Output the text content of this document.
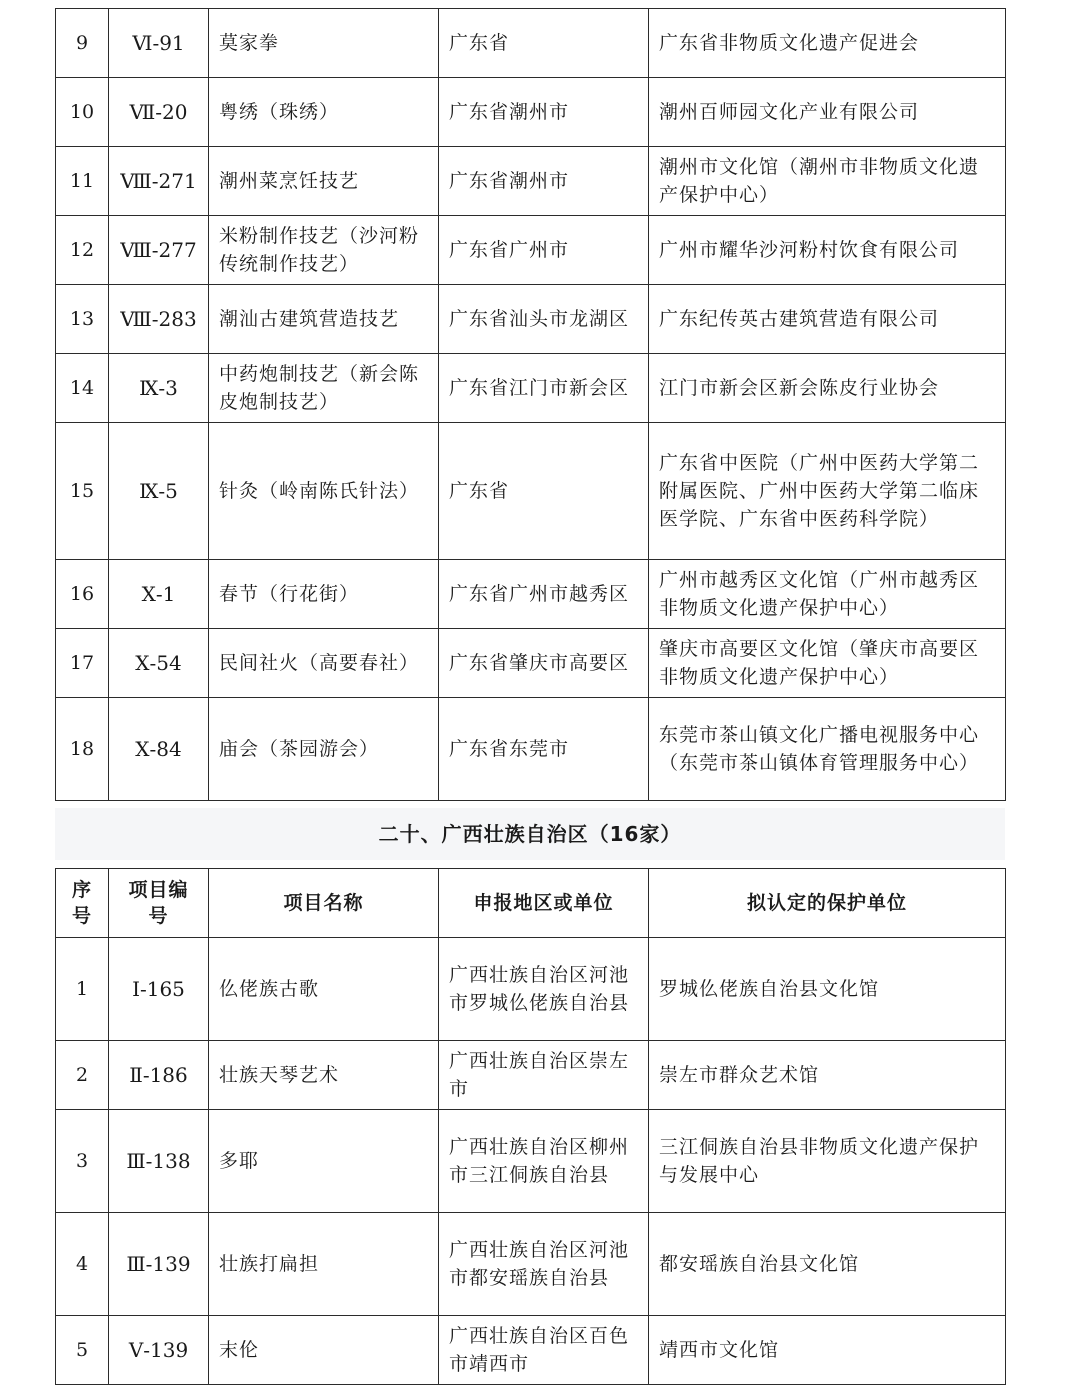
9	Ⅵ-91	莫家拳	广东省	广东省非物质文化遗产促进会
10	Ⅶ-20	粤绣（珠绣）	广东省潮州市	潮州百师园文化产业有限公司
11	Ⅷ-271	潮州菜烹饪技艺	广东省潮州市	潮州市文化馆（潮州市非物质文化遗产保护中心）
12	Ⅷ-277	米粉制作技艺（沙河粉传统制作技艺）	广东省广州市	广州市耀华沙河粉村饮食有限公司
13	Ⅷ-283	潮汕古建筑营造技艺	广东省汕头市龙湖区	广东纪传英古建筑营造有限公司
14	Ⅸ-3	中药炮制技艺（新会陈皮炮制技艺）	广东省江门市新会区	江门市新会区新会陈皮行业协会
15	Ⅸ-5	针灸（岭南陈氏针法）	广东省	广东省中医院（广州中医药大学第二附属医院、广州中医药大学第二临床医学院、广东省中医药科学院）
16	Ⅹ-1	春节（行花街）	广东省广州市越秀区	广州市越秀区文化馆（广州市越秀区非物质文化遗产保护中心）
17	Ⅹ-54	民间社火（高要春社）	广东省肇庆市高要区	肇庆市高要区文化馆（肇庆市高要区非物质文化遗产保护中心）
18	Ⅹ-84	庙会（茶园游会）	广东省东莞市	东莞市茶山镇文化广播电视服务中心（东莞市茶山镇体育管理服务中心）
二十、广西壮族自治区（16家）
序号	项目编号	项目名称	申报地区或单位	拟认定的保护单位
1	Ⅰ-165	仫佬族古歌	广西壮族自治区河池市罗城仫佬族自治县	罗城仫佬族自治县文化馆
2	Ⅱ-186	壮族天琴艺术	广西壮族自治区崇左市	崇左市群众艺术馆
3	Ⅲ-138	多耶	广西壮族自治区柳州市三江侗族自治县	三江侗族自治县非物质文化遗产保护与发展中心
4	Ⅲ-139	壮族打扁担	广西壮族自治区河池市都安瑶族自治县	都安瑶族自治县文化馆
5	Ⅴ-139	末伦	广西壮族自治区百色市靖西市	靖西市文化馆
